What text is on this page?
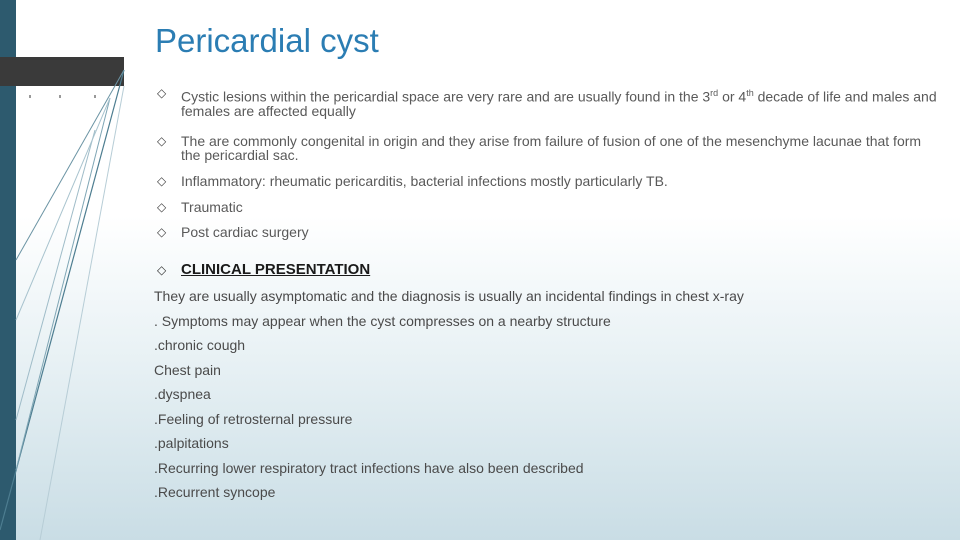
Pericardial cyst
◇	Cystic lesions within the pericardial space are very rare and are usually found in the 3rd or 4th decade of life and males and females are affected equally
◇	The are commonly congenital in origin and they arise from failure of fusion of one of the mesenchyme lacunae that form the pericardial sac.
◇	Inflammatory: rheumatic pericarditis, bacterial infections mostly particularly TB.
◇	Traumatic
◇	Post cardiac surgery
◇ CLINICAL PRESENTATION
They are usually asymptomatic and the diagnosis is usually an incidental findings in chest x-ray
. Symptoms may appear when the cyst compresses on a nearby structure
.chronic cough
Chest pain
.dyspnea
.Feeling of retrosternal pressure
.palpitations
.Recurring lower respiratory tract infections have also been described
.Recurrent syncope
